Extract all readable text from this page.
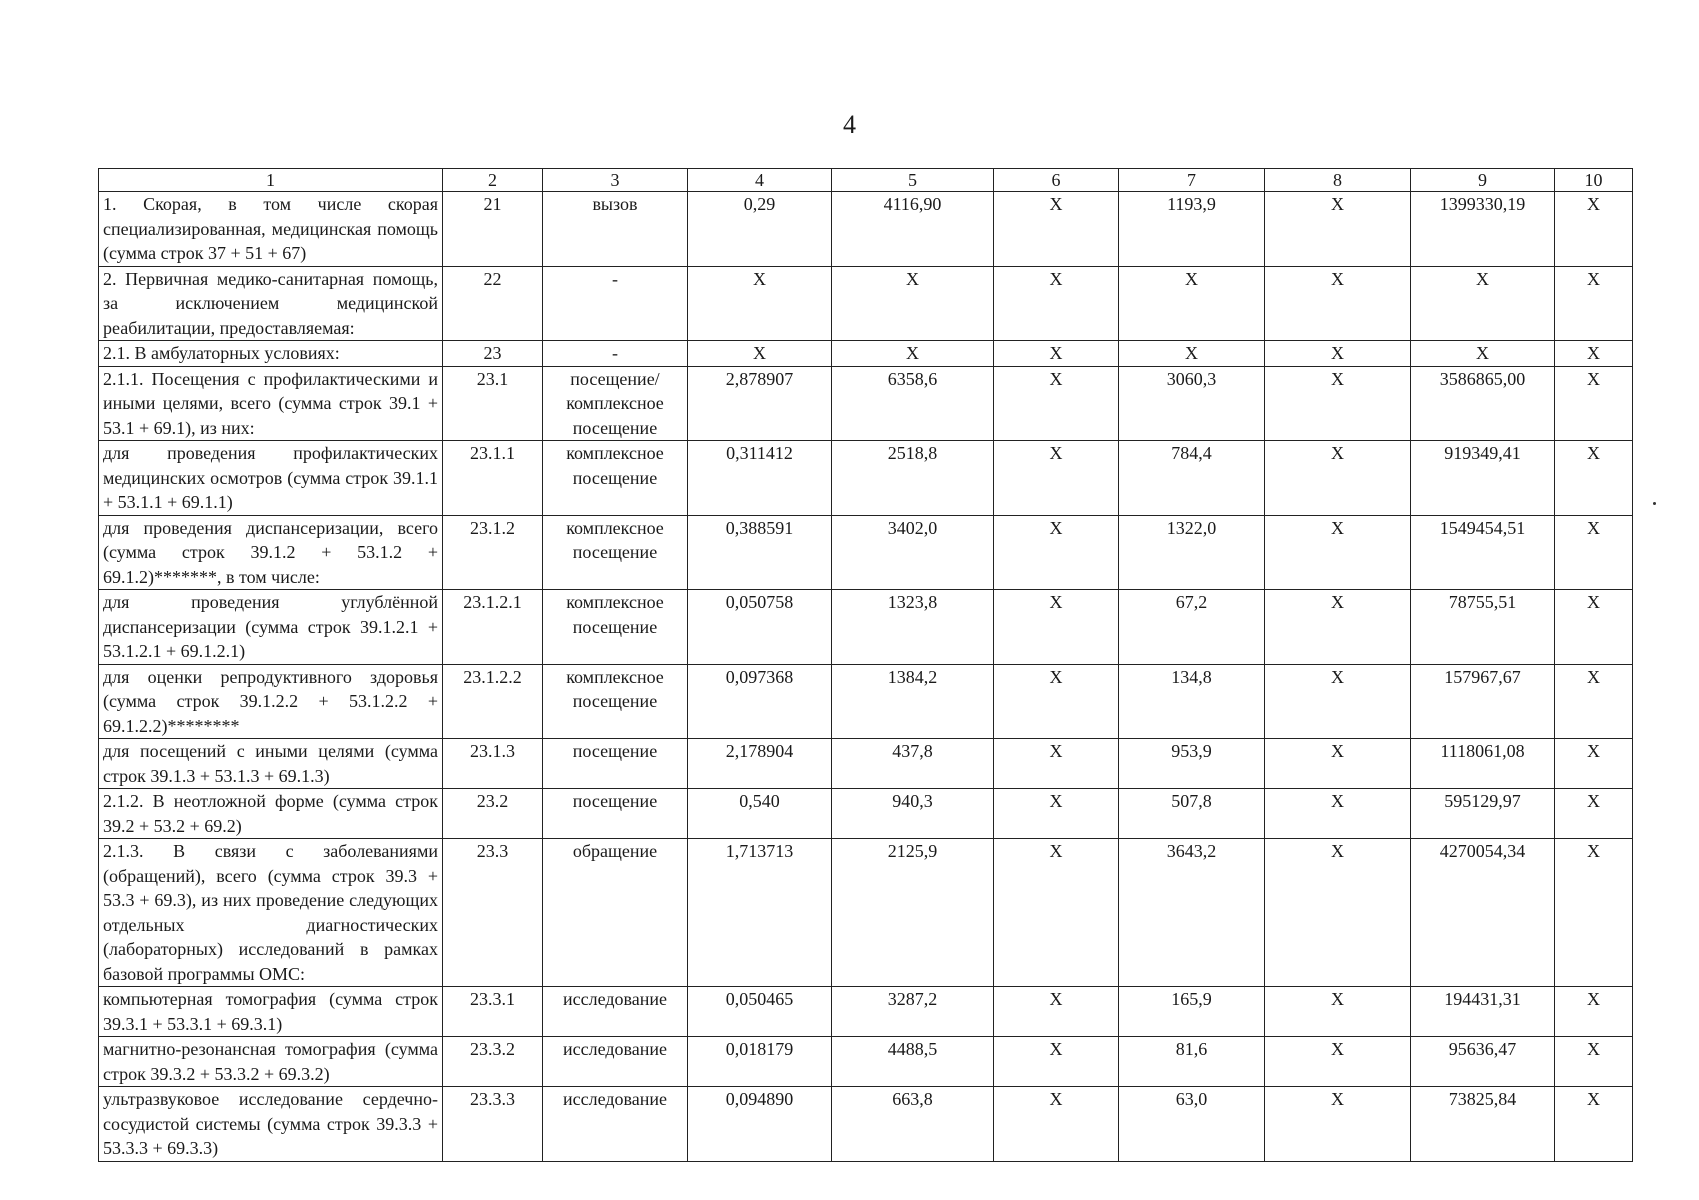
4
1	2	3	4	5	6	7	8	9	10
1. Скорая, в том числе скорая специализированная, медицинская помощь (сумма строк 37 + 51 + 67)	21	вызов	0,29	4116,90	Х	1193,9	Х	1399330,19	Х
2. Первичная медико-санитарная помощь, за исключением медицинской реабилитации, предоставляемая:	22	-	Х	Х	Х	Х	Х	Х	Х
2.1. В амбулаторных условиях:	23	-	Х	Х	Х	Х	Х	Х	Х
2.1.1. Посещения с профилактическими и иными целями, всего (сумма строк 39.1 + 53.1 + 69.1), из них:	23.1	посещение/ комплексное посещение	2,878907	6358,6	Х	3060,3	Х	3586865,00	Х
для проведения профилактических медицинских осмотров (сумма строк 39.1.1 + 53.1.1 + 69.1.1)	23.1.1	комплексное посещение	0,311412	2518,8	Х	784,4	Х	919349,41	Х
для проведения диспансеризации, всего (сумма строк 39.1.2 + 53.1.2 + 69.1.2)*******, в том числе:	23.1.2	комплексное посещение	0,388591	3402,0	Х	1322,0	Х	1549454,51	Х
для проведения углублённой диспансеризации (сумма строк 39.1.2.1 + 53.1.2.1 + 69.1.2.1)	23.1.2.1	комплексное посещение	0,050758	1323,8	Х	67,2	Х	78755,51	Х
для оценки репродуктивного здоровья (сумма строк 39.1.2.2 + 53.1.2.2 + 69.1.2.2)********	23.1.2.2	комплексное посещение	0,097368	1384,2	Х	134,8	Х	157967,67	Х
для посещений с иными целями (сумма строк 39.1.3 + 53.1.3 + 69.1.3)	23.1.3	посещение	2,178904	437,8	Х	953,9	Х	1118061,08	Х
2.1.2. В неотложной форме (сумма строк 39.2 + 53.2 + 69.2)	23.2	посещение	0,540	940,3	Х	507,8	Х	595129,97	Х
2.1.3. В связи с заболеваниями (обращений), всего (сумма строк 39.3 + 53.3 + 69.3), из них проведение следующих отдельных диагностических (лабораторных) исследований в рамках базовой программы ОМС:	23.3	обращение	1,713713	2125,9	Х	3643,2	Х	4270054,34	Х
компьютерная томография (сумма строк 39.3.1 + 53.3.1 + 69.3.1)	23.3.1	исследование	0,050465	3287,2	Х	165,9	Х	194431,31	Х
магнитно-резонансная томография (сумма строк 39.3.2 + 53.3.2 + 69.3.2)	23.3.2	исследование	0,018179	4488,5	Х	81,6	Х	95636,47	Х
ультразвуковое исследование сердечно-сосудистой системы (сумма строк 39.3.3 + 53.3.3 + 69.3.3)	23.3.3	исследование	0,094890	663,8	Х	63,0	Х	73825,84	Х
